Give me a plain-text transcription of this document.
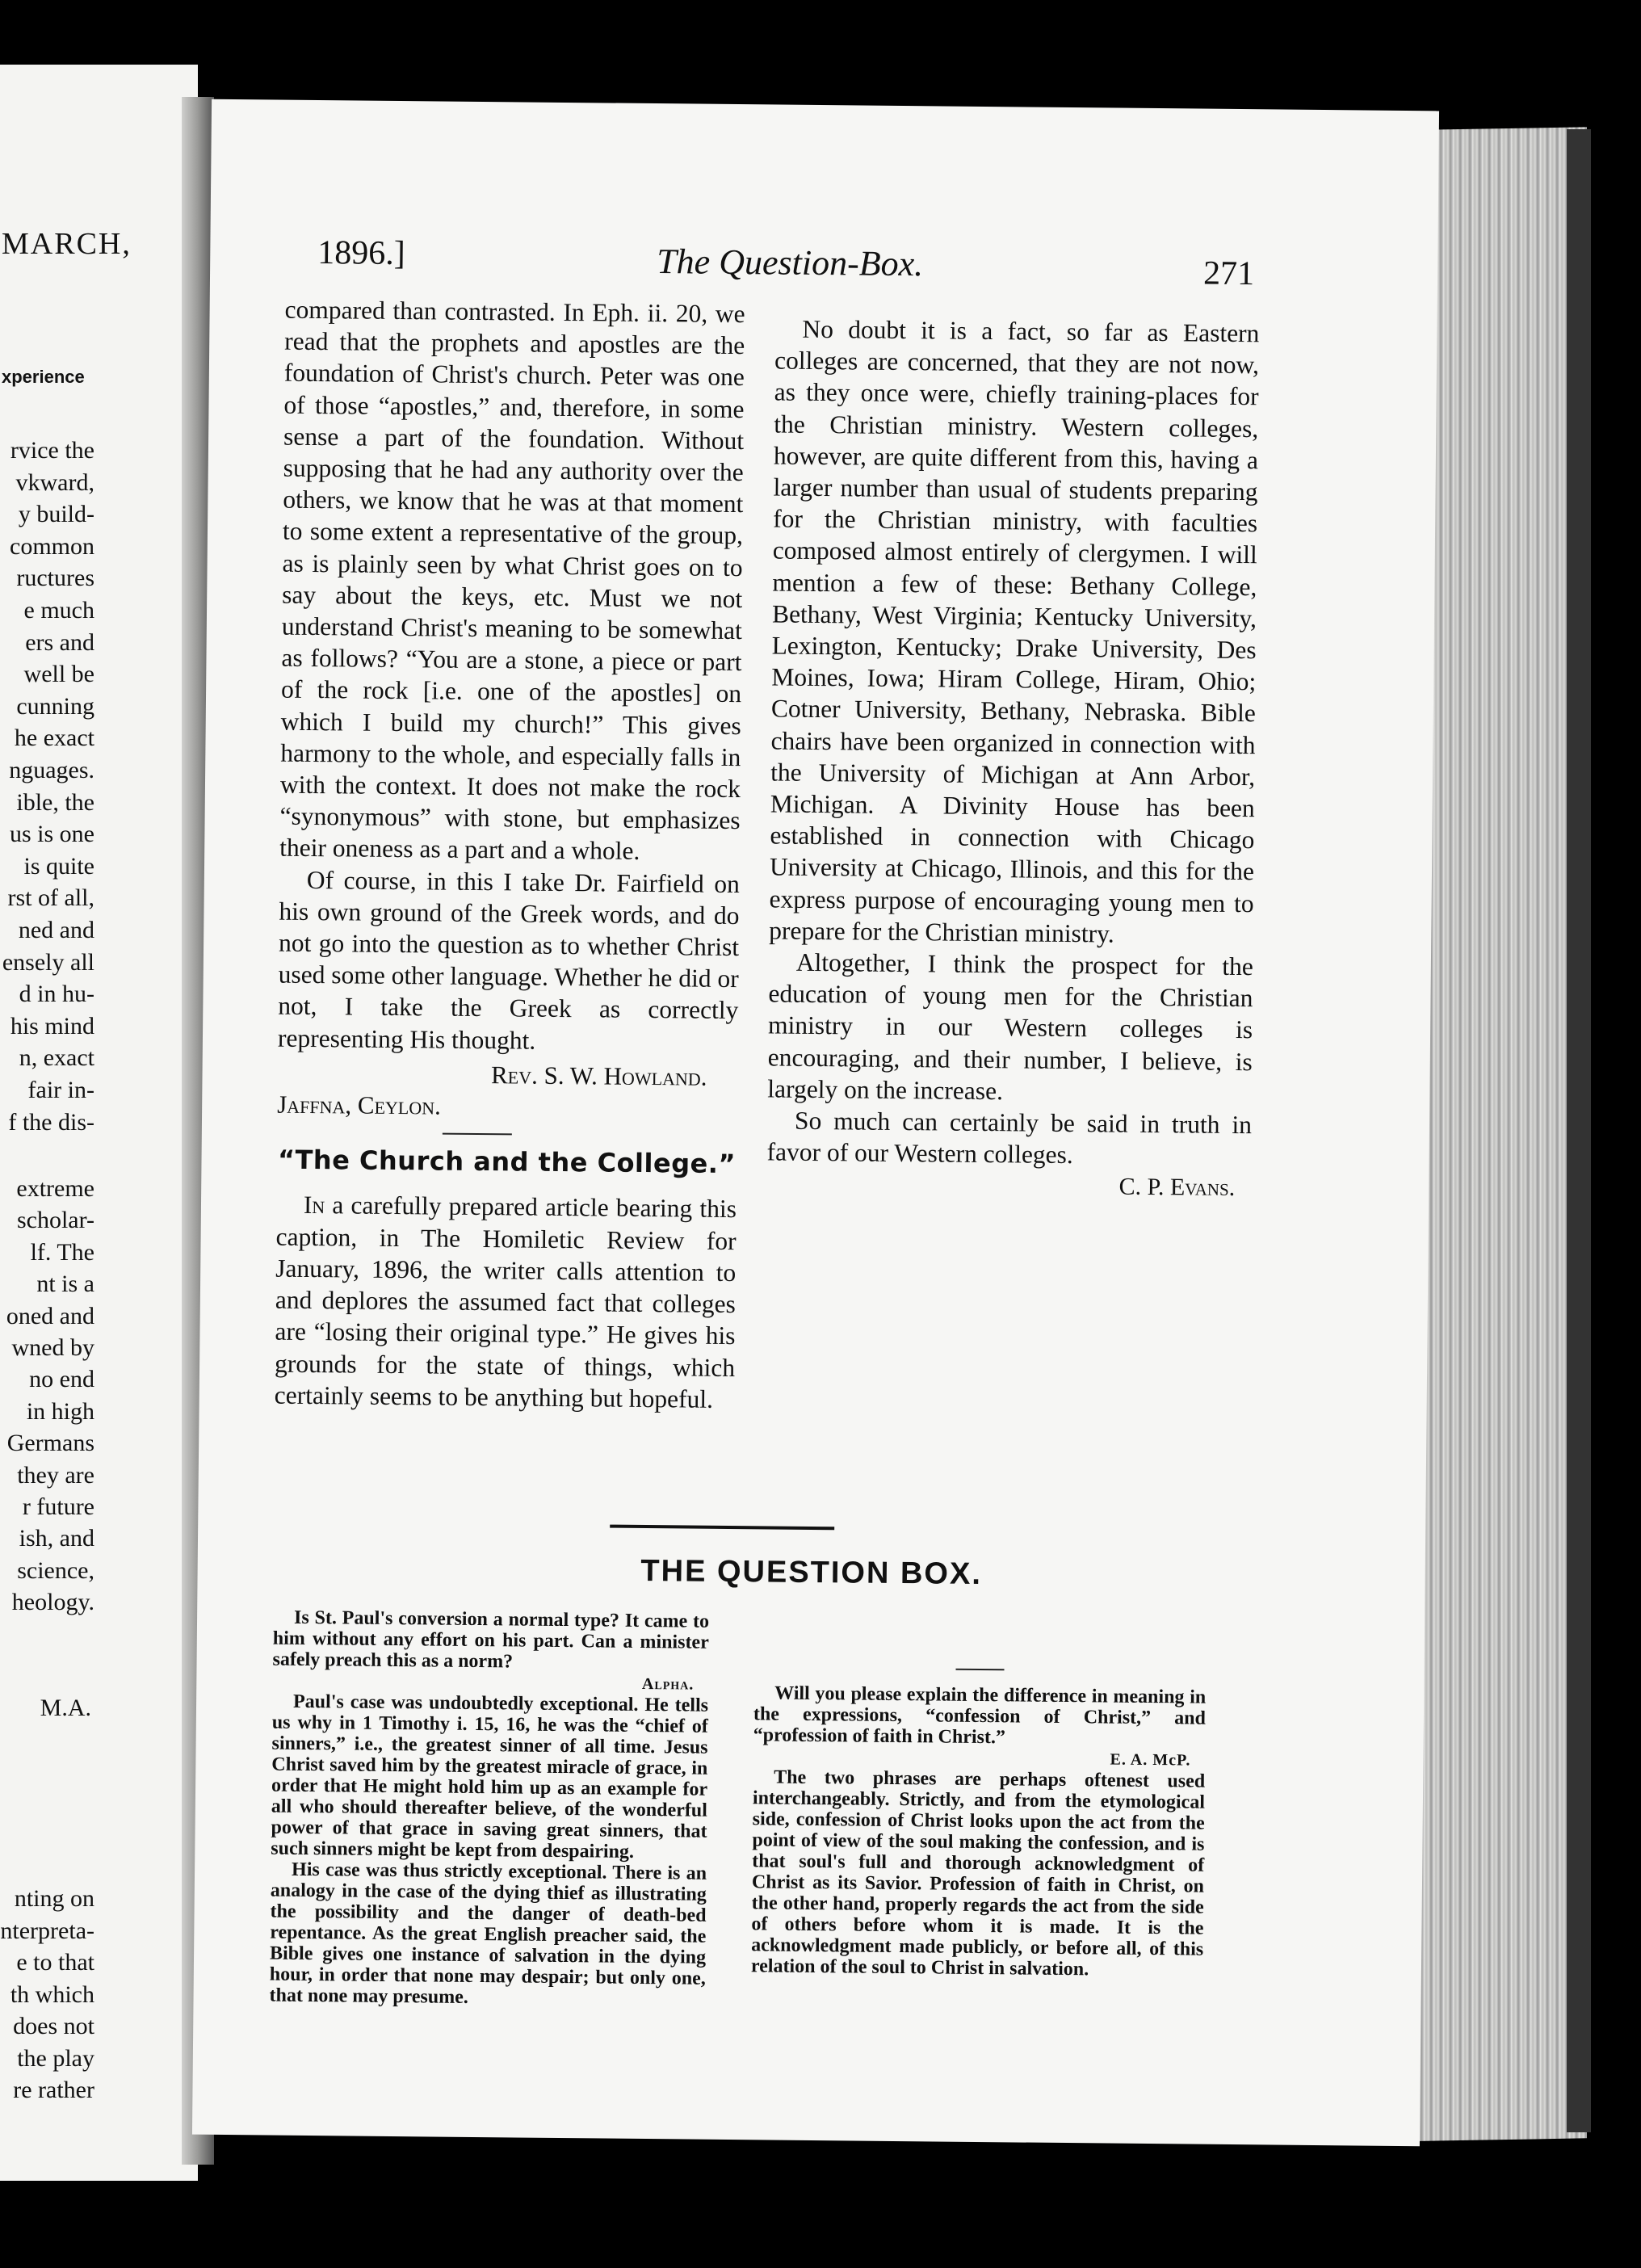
MARCH,
xperience
rvice the
vkward,
y build-
common
ructures
e much
ers and
well be
cunning
he exact
nguages.
ible, the
us is one
is quite
rst of all,
ned and
ensely all
d in hu-
his mind
n, exact
fair in-
f the dis-
extreme
scholar-
lf. The
nt is a
oned and
wned by
no end
in high
Germans
they are
r future
ish, and
science,
heology.
M.A.
nting on
nterpreta-
e to that
th which
does not
the play
re rather
1896.]	The Question-Box.	271

compared than contrasted. In Eph. ii. 20, we read that the prophets and apostles are the foundation of Christ's church. Peter was one of those “apostles,” and, therefore, in some sense a part of the foundation. Without supposing that he had any authority over the others, we know that he was at that moment to some extent a representative of the group, as is plainly seen by what Christ goes on to say about the keys, etc. Must we not understand Christ's meaning to be somewhat as follows? “You are a stone, a piece or part of the rock [i.e. one of the apostles] on which I build my church!” This gives harmony to the whole, and especially falls in with the context. It does not make the rock “synonymous” with stone, but emphasizes their oneness as a part and a whole.

Of course, in this I take Dr. Fairfield on his own ground of the Greek words, and do not go into the question as to whether Christ used some other language. Whether he did or not, I take the Greek as correctly representing His thought.

Rev. S. W. Howland.
Jaffna, Ceylon.
“The Church and the College.”

In a carefully prepared article bearing this caption, in The Homiletic Review for January, 1896, the writer calls attention to and deplores the assumed fact that colleges are “losing their original type.” He gives his grounds for the state of things, which certainly seems to be anything but hopeful.

No doubt it is a fact, so far as Eastern colleges are concerned, that they are not now, as they once were, chiefly training-places for the Christian ministry. Western colleges, however, are quite different from this, having a larger number than usual of students preparing for the Christian ministry, with faculties composed almost entirely of clergymen. I will mention a few of these: Bethany College, Bethany, West Virginia; Kentucky University, Lexington, Kentucky; Drake University, Des Moines, Iowa; Hiram College, Hiram, Ohio; Cotner University, Bethany, Nebraska. Bible chairs have been organized in connection with the University of Michigan at Ann Arbor, Michigan. A Divinity House has been established in connection with Chicago University at Chicago, Illinois, and this for the express purpose of encouraging young men to prepare for the Christian ministry.

Altogether, I think the prospect for the education of young men for the Christian ministry in our Western colleges is encouraging, and their number, I believe, is largely on the increase.

So much can certainly be said in truth in favor of our Western colleges.

C. P. Evans.
THE QUESTION BOX.

Is St. Paul's conversion a normal type? It came to him without any effort on his part. Can a minister safely preach this as a norm?

Alpha.

Paul's case was undoubtedly exceptional. He tells us why in 1 Timothy i. 15, 16, he was the “chief of sinners,” i.e., the greatest sinner of all time. Jesus Christ saved him by the greatest miracle of grace, in order that He might hold him up as an example for all who should thereafter believe, of the wonderful power of that grace in saving great sinners, that such sinners might be kept from despairing.

His case was thus strictly exceptional. There is an analogy in the case of the dying thief as illustrating the possibility and the danger of death-bed repentance. As the great English preacher said, the Bible gives one instance of salvation in the dying hour, in order that none may despair; but only one, that none may presume.

Will you please explain the difference in meaning in the expressions, “confession of Christ,” and “profession of faith in Christ.”

E. A. McP.

The two phrases are perhaps oftenest used interchangeably. Strictly, and from the etymological side, confession of Christ looks upon the act from the point of view of the soul making the confession, and is that soul's full and thorough acknowledgment of Christ as its Savior. Profession of faith in Christ, on the other hand, properly regards the act from the side of others before whom it is made. It is the acknowledgment made publicly, or before all, of this relation of the soul to Christ in salvation.
